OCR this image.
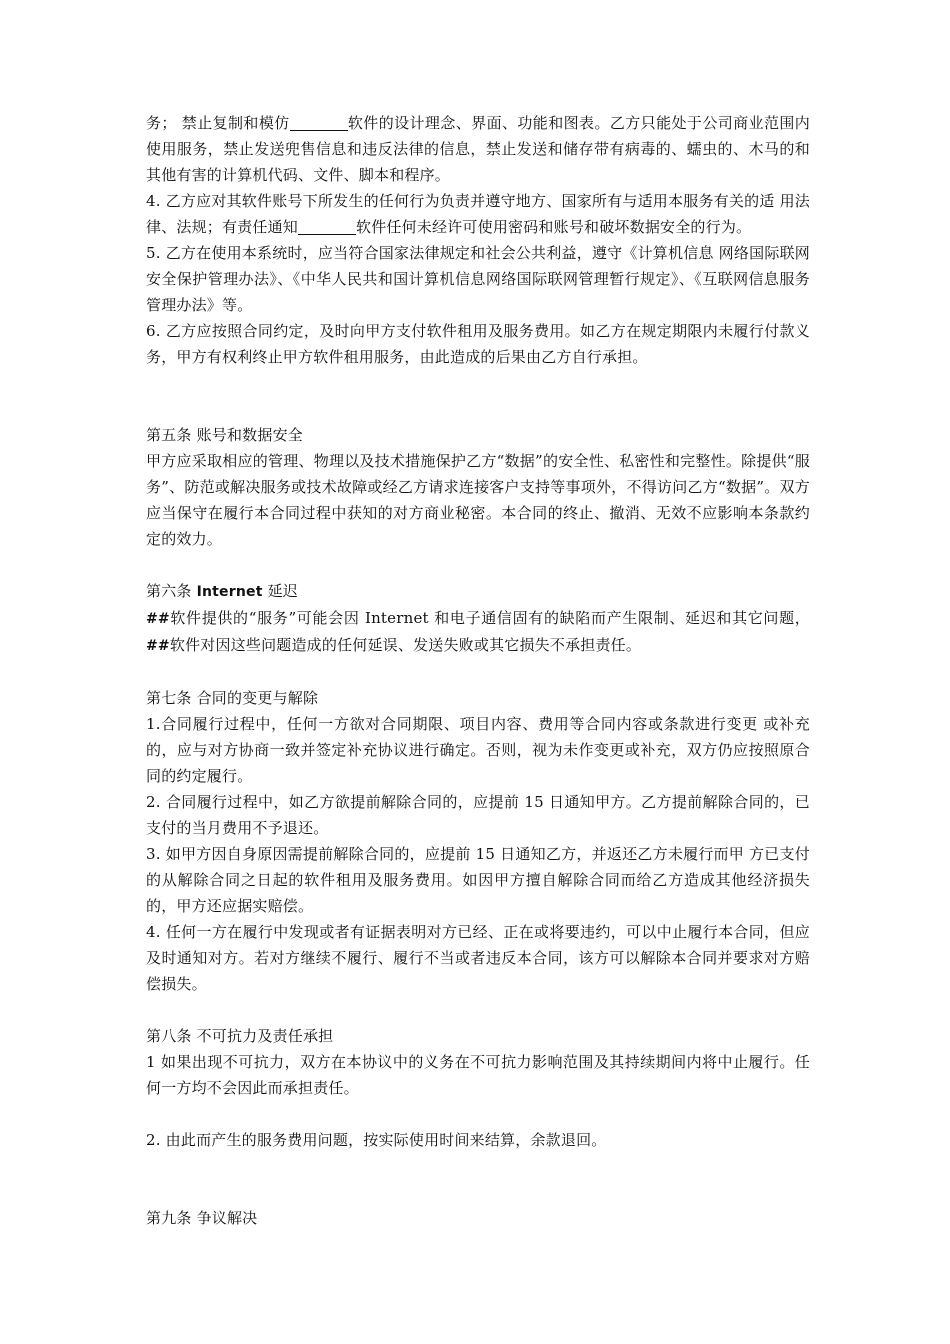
务； 禁止复制和模仿	软件的设计理念、界面、功能和图表。乙方只能处于公司商业范围内使用服务，禁止发送兜售信息和违反法律的信息，禁止发送和储存带有病毒的、蠕虫的、木马的和其他有害的计算机代码、文件、脚本和程序。

4. 乙方应对其软件账号下所发生的任何行为负责并遵守地方、国家所有与适用本服务有关的适 用法律、法规；有责任通知	软件任何未经许可使用密码和账号和破坏数据安全的行为。

5. 乙方在使用本系统时，应当符合国家法律规定和社会公共利益，遵守《计算机信息 网络国际联网安全保护管理办法》、《中华人民共和国计算机信息网络国际联网管理暂行规定》、《互联网信息服务管理办法》等。

6. 乙方应按照合同约定，及时向甲方支付软件租用及服务费用。如乙方在规定期限内未履行付款义务，甲方有权利终止甲方软件租用服务，由此造成的后果由乙方自行承担。

第五条 账号和数据安全

甲方应采取相应的管理、物理以及技术措施保护乙方“数据”的安全性、私密性和完整性。除提供“服务”、防范或解决服务或技术故障或经乙方请求连接客户支持等事项外，不得访问乙方“数据”。双方应当保守在履行本合同过程中获知的对方商业秘密。本合同的终止、撤消、无效不应影响本条款约定的效力。

第六条 Internet 延迟

##软件提供的“服务”可能会因 Internet 和电子通信固有的缺陷而产生限制、延迟和其它问题，##软件对因这些问题造成的任何延误、发送失败或其它损失不承担责任。

第七条 合同的变更与解除

1.合同履行过程中，任何一方欲对合同期限、项目内容、费用等合同内容或条款进行变更 或补充的，应与对方协商一致并签定补充协议进行确定。否则，视为未作变更或补充，双方仍应按照原合同的约定履行。

2. 合同履行过程中，如乙方欲提前解除合同的，应提前 15 日通知甲方。乙方提前解除合同的，已支付的当月费用不予退还。

3. 如甲方因自身原因需提前解除合同的，应提前 15 日通知乙方，并返还乙方未履行而甲 方已支付的从解除合同之日起的软件租用及服务费用。如因甲方擅自解除合同而给乙方造成其他经济损失的，甲方还应据实赔偿。

4. 任何一方在履行中发现或者有证据表明对方已经、正在或将要违约，可以中止履行本合同，但应及时通知对方。若对方继续不履行、履行不当或者违反本合同，该方可以解除本合同并要求对方赔偿损失。

第八条 不可抗力及责任承担

1 如果出现不可抗力，双方在本协议中的义务在不可抗力影响范围及其持续期间内将中止履行。任何一方均不会因此而承担责任。

2. 由此而产生的服务费用问题，按实际使用时间来结算，余款退回。

第九条 争议解决
